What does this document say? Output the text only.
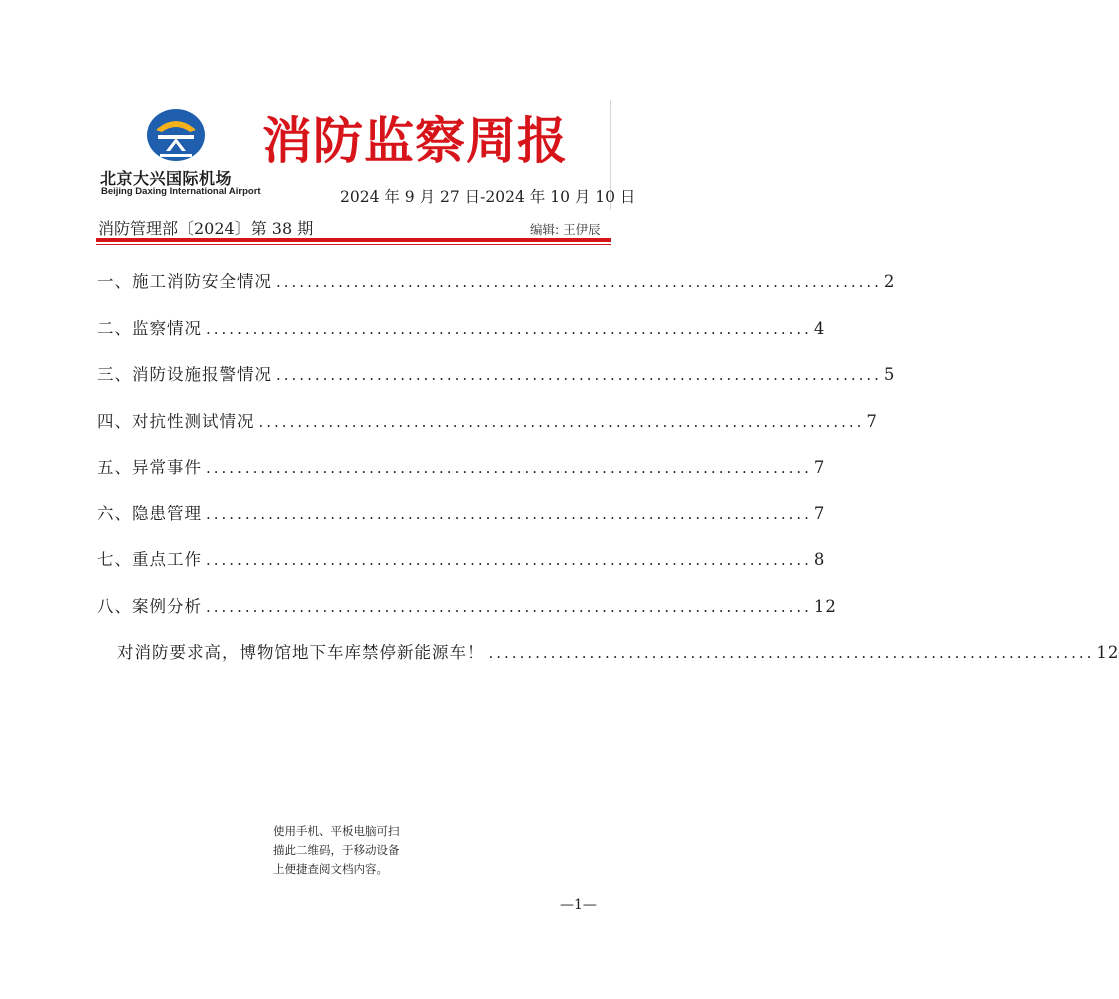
北京大兴国际机场
Beijing Daxing International Airport
消防监察周报
2024 年 9 月 27 日-2024 年 10 月 10 日
消防管理部〔2024〕第 38 期	编辑: 王伊辰
一、施工消防安全情况 .............................................................................. 2
二、监察情况 .............................................................................. 4
三、消防设施报警情况 .............................................................................. 5
四、对抗性测试情况 .............................................................................. 7
五、异常事件 .............................................................................. 7
六、隐患管理 .............................................................................. 7
七、重点工作 .............................................................................. 8
八、案例分析 .............................................................................. 12
对消防要求高，博物馆地下车库禁停新能源车！ .............................................................................. 12
使用手机、平板电脑可扫
描此二维码，于移动设备
上便捷查阅文档内容。
—1—
